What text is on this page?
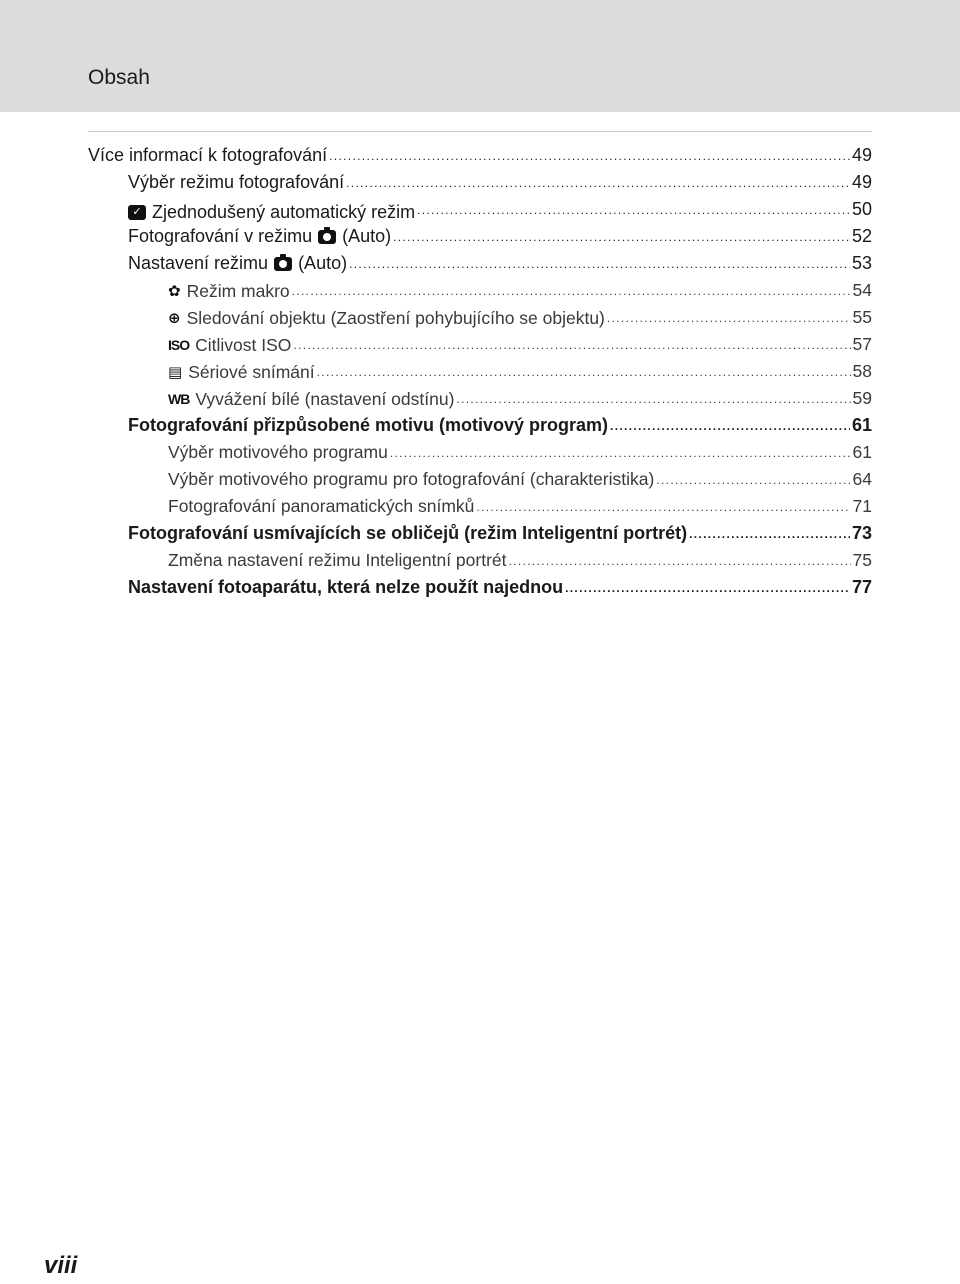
Obsah
Více informací k fotografování . . .	49
Výběr režimu fotografování . . .	49
✓ Zjednodušený automatický režim . . .	50
Fotografování v režimu (Auto) . . .	52
Nastavení režimu (Auto) . . .	53
✿ Režim makro . . .	54
⊕ Sledování objektu (Zaostření pohybujícího se objektu) . . .	55
ISO Citlivost ISO . . .	57
▤ Sériové snímání . . .	58
WB Vyvážení bílé (nastavení odstínu) . . .	59
Fotografování přizpůsobené motivu (motivový program) . . .	61
Výběr motivového programu . . .	61
Výběr motivového programu pro fotografování (charakteristika) . . .	64
Fotografování panoramatických snímků . . .	71
Fotografování usmívajících se obličejů (režim Inteligentní portrét) . . .	73
Změna nastavení režimu Inteligentní portrét . . .	75
Nastavení fotoaparátu, která nelze použít najednou . . .	77
viii
